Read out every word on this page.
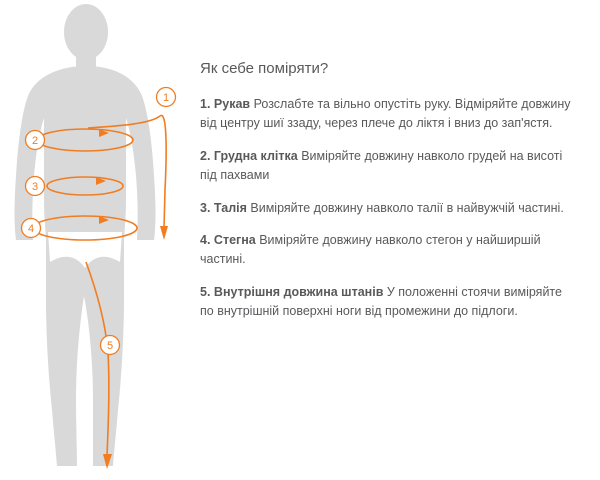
1
2
3
4
5
Як себе поміряти?

1. Рукав Розслабте та вільно опустіть руку. Відміряйте довжину від центру шиї ззаду, через плече до ліктя і вниз до зап'ястя.

2. Грудна клітка Виміряйте довжину навколо грудей на висоті під пахвами

3. Талія Виміряйте довжину навколо талії в найвужчій частині.

4. Стегна Виміряйте довжину навколо стегон у найширшій частині.

5. Внутрішня довжина штанів У положенні стоячи виміряйте по внутрішній поверхні ноги від промежини до підлоги.
